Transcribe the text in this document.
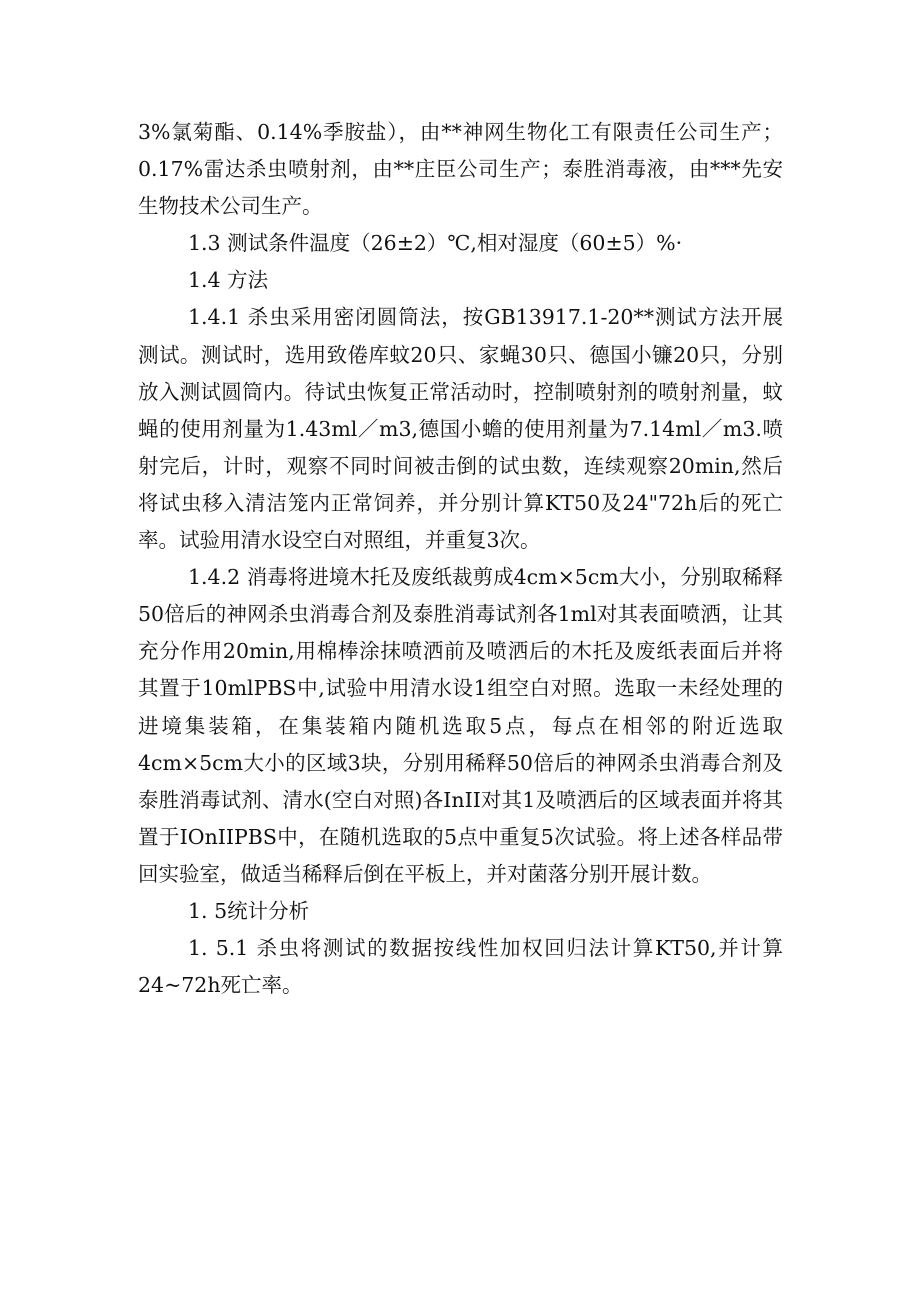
3%氯菊酯、0.14%季胺盐），由**神网生物化工有限责任公司生产；0.17%雷达杀虫喷射剂，由**庄臣公司生产；泰胜消毒液，由***先安生物技术公司生产。

1.3 测试条件温度（26±2）℃,相对湿度（60±5）%·

1.4 方法

1.4.1 杀虫采用密闭圆筒法，按GB13917.1-20**测试方法开展测试。测试时，选用致倦库蚊20只、家蝇30只、德国小镰20只，分别放入测试圆筒内。待试虫恢复正常活动时，控制喷射剂的喷射剂量，蚊蝇的使用剂量为1.43ml／m3,德国小蟾的使用剂量为7.14ml／m3.喷射完后，计时，观察不同时间被击倒的试虫数，连续观察20min,然后将试虫移入清洁笼内正常饲养，并分别计算KT50及24"72h后的死亡率。试验用清水设空白对照组，并重复3次。

1.4.2 消毒将进境木托及废纸裁剪成4cm×5cm大小，分别取稀释50倍后的神网杀虫消毒合剂及泰胜消毒试剂各1ml对其表面喷洒，让其充分作用20min,用棉棒涂抹喷洒前及喷洒后的木托及废纸表面后并将其置于10mlPBS中,试验中用清水设1组空白对照。选取一未经处理的进境集装箱，在集装箱内随机选取5点，每点在相邻的附近选取4cm×5cm大小的区域3块，分别用稀释50倍后的神网杀虫消毒合剂及泰胜消毒试剂、清水(空白对照)各InII对其1及喷洒后的区域表面并将其置于IOnIIPBS中，在随机选取的5点中重复5次试验。将上述各样品带回实验室，做适当稀释后倒在平板上，并对菌落分别开展计数。

1. 5统计分析

1. 5.1 杀虫将测试的数据按线性加权回归法计算KT50,并计算24~72h死亡率。
